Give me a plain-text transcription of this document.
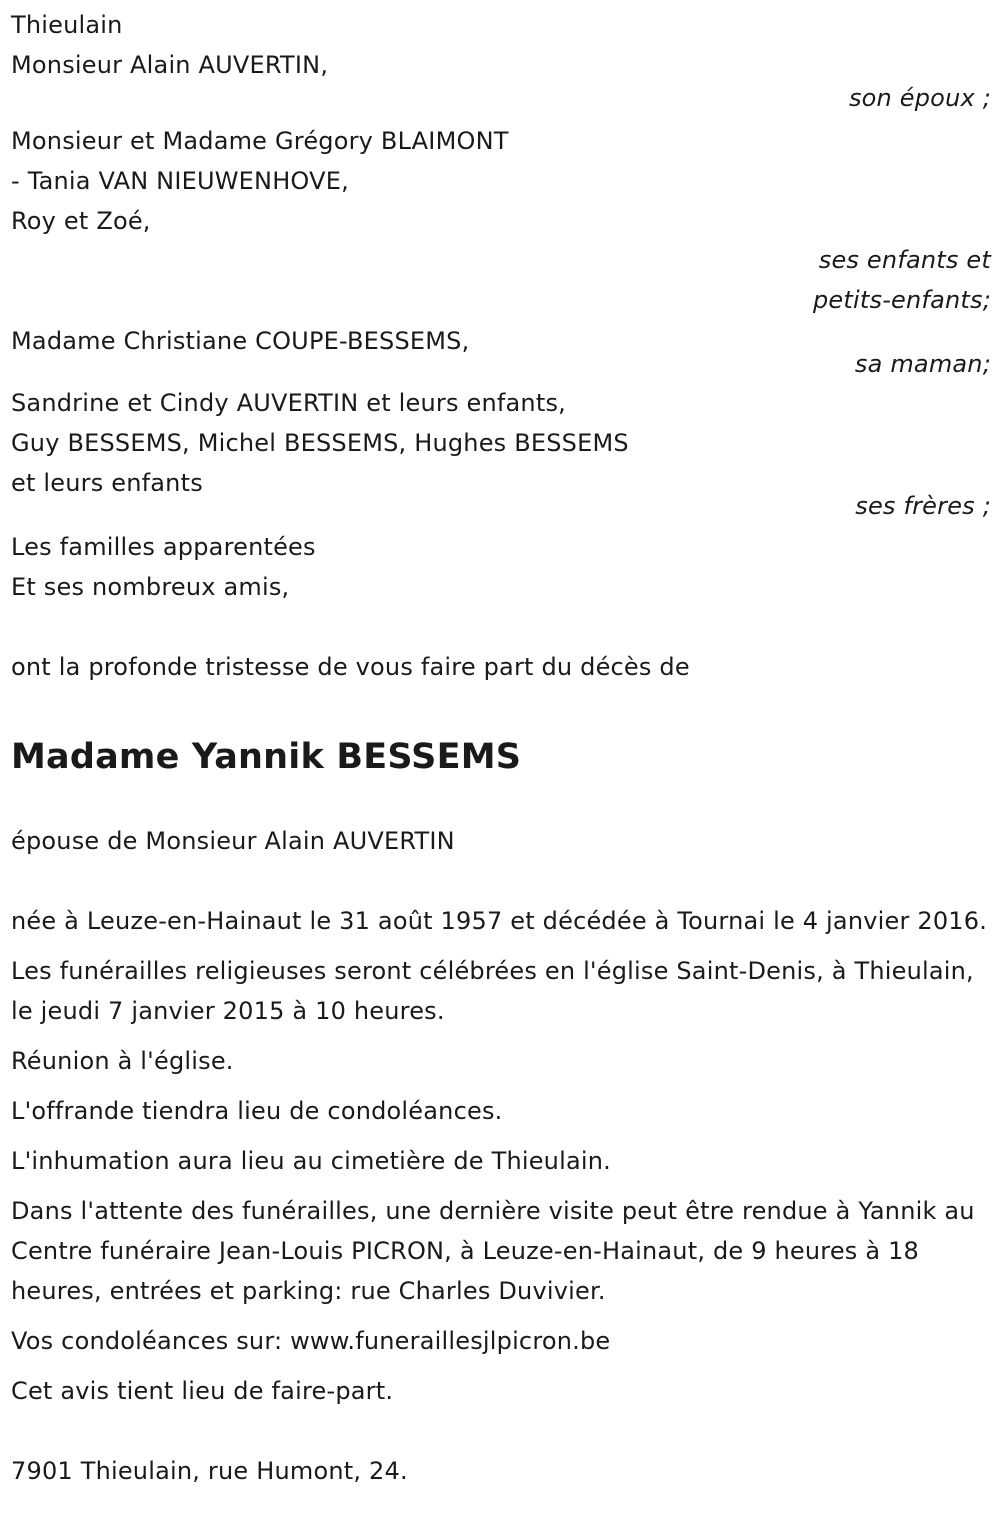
Thieulain
Monsieur Alain AUVERTIN,
son époux ;
Monsieur et Madame Grégory BLAIMONT
- Tania VAN NIEUWENHOVE,
Roy et Zoé,
ses enfants et
petits-enfants;
Madame Christiane COUPE-BESSEMS,
sa maman;
Sandrine et Cindy AUVERTIN et leurs enfants,
Guy BESSEMS, Michel BESSEMS, Hughes BESSEMS
et leurs enfants
ses frères ;
Les familles apparentées
Et ses nombreux amis,
ont la profonde tristesse de vous faire part du décès de
Madame Yannik BESSEMS
épouse de Monsieur Alain AUVERTIN
née à Leuze-en-Hainaut le 31 août 1957 et décédée à Tournai le 4 janvier 2016.
Les funérailles religieuses seront célébrées en l'église Saint-Denis, à Thieulain, le jeudi 7 janvier 2015 à 10 heures.
Réunion à l'église.
L'offrande tiendra lieu de condoléances.
L'inhumation aura lieu au cimetière de Thieulain.
Dans l'attente des funérailles, une dernière visite peut être rendue à Yannik au Centre funéraire Jean-Louis PICRON, à Leuze-en-Hainaut, de 9 heures à 18 heures, entrées et parking: rue Charles Duvivier.
Vos condoléances sur: www.funeraillesjlpicron.be
Cet avis tient lieu de faire-part.
7901 Thieulain, rue Humont, 24.
